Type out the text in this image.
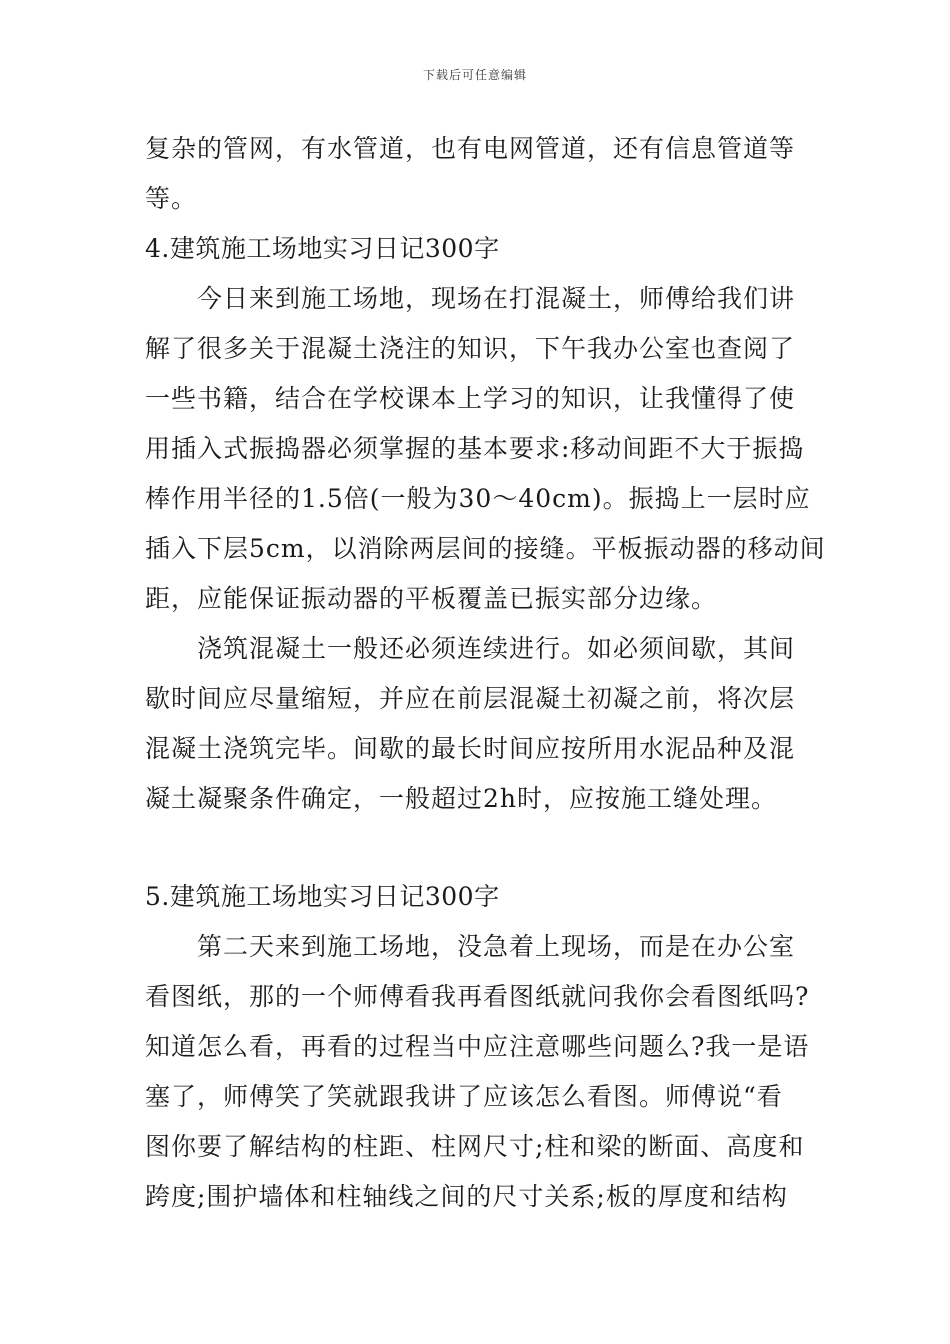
下载后可任意编辑
复杂的管网，有水管道，也有电网管道，还有信息管道等
等。
4.建筑施工场地实习日记300字
今日来到施工场地，现场在打混凝土，师傅给我们讲
解了很多关于混凝土浇注的知识，下午我办公室也查阅了
一些书籍，结合在学校课本上学习的知识，让我懂得了使
用插入式振捣器必须掌握的基本要求:移动间距不大于振捣
棒作用半径的1.5倍(一般为30～40cm)。振捣上一层时应
插入下层5cm，以消除两层间的接缝。平板振动器的移动间
距，应能保证振动器的平板覆盖已振实部分边缘。
浇筑混凝土一般还必须连续进行。如必须间歇，其间
歇时间应尽量缩短，并应在前层混凝土初凝之前，将次层
混凝土浇筑完毕。间歇的最长时间应按所用水泥品种及混
凝土凝聚条件确定，一般超过2h时，应按施工缝处理。
5.建筑施工场地实习日记300字
第二天来到施工场地，没急着上现场，而是在办公室
看图纸，那的一个师傅看我再看图纸就问我你会看图纸吗?
知道怎么看，再看的过程当中应注意哪些问题么?我一是语
塞了，师傅笑了笑就跟我讲了应该怎么看图。师傅说“看
图你要了解结构的柱距、柱网尺寸;柱和梁的断面、高度和
跨度;围护墙体和柱轴线之间的尺寸关系;板的厚度和结构
